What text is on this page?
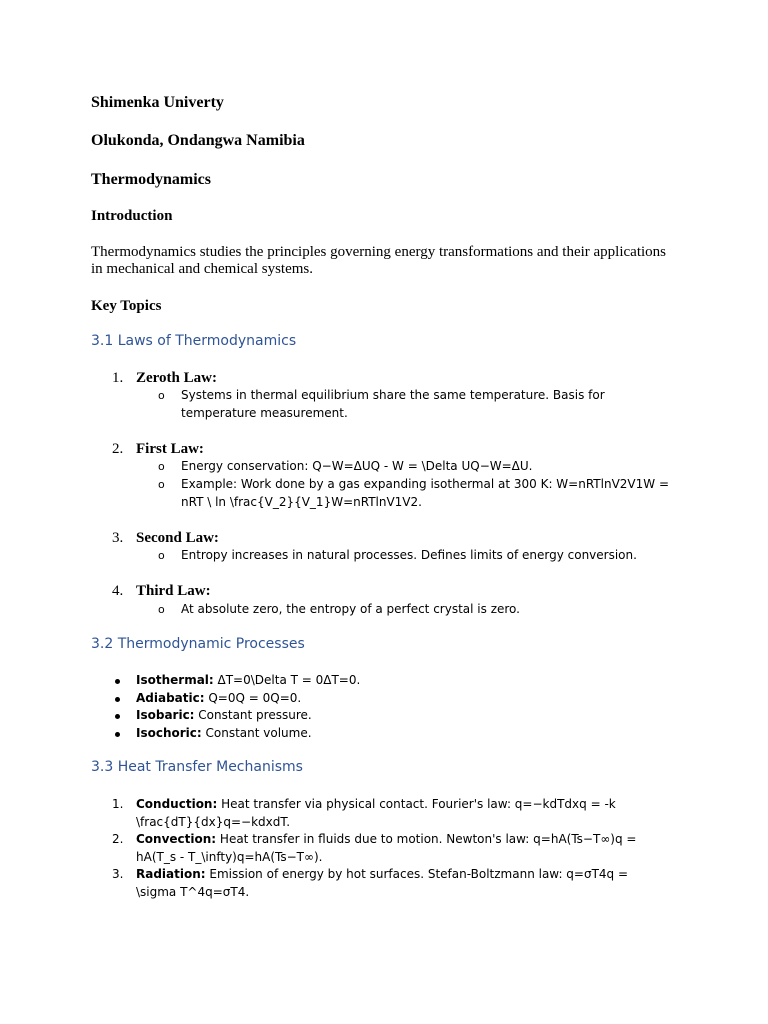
Shimenka Univerty
Olukonda, Ondangwa Namibia
Thermodynamics
Introduction
Thermodynamics studies the principles governing energy transformations and their applications in mechanical and chemical systems.
Key Topics
3.1 Laws of Thermodynamics
1. Zeroth Law:
o Systems in thermal equilibrium share the same temperature. Basis for temperature measurement.
2. First Law:
o Energy conservation: Q−W=ΔUQ - W = \Delta UQ−W=ΔU.
o Example: Work done by a gas expanding isothermal at 300 K: W=nRTlnV2V1W = nRT \ ln \frac{V_2}{V_1}W=nRTlnV1V2.
3. Second Law:
o Entropy increases in natural processes. Defines limits of energy conversion.
4. Third Law:
o At absolute zero, the entropy of a perfect crystal is zero.
3.2 Thermodynamic Processes
Isothermal: ΔT=0\Delta T = 0ΔT=0.
Adiabatic: Q=0Q = 0Q=0.
Isobaric: Constant pressure.
Isochoric: Constant volume.
3.3 Heat Transfer Mechanisms
1. Conduction: Heat transfer via physical contact. Fourier's law: q=−kdTdxq = -k \frac{dT}{dx}q=−kdxdT.
2. Convection: Heat transfer in fluids due to motion. Newton's law: q=hA(Ts−T∞)q = hA(T_s - T_\infty)q=hA(Ts−T∞).
3. Radiation: Emission of energy by hot surfaces. Stefan-Boltzmann law: q=σT4q = \sigma T^4q=σT4.
